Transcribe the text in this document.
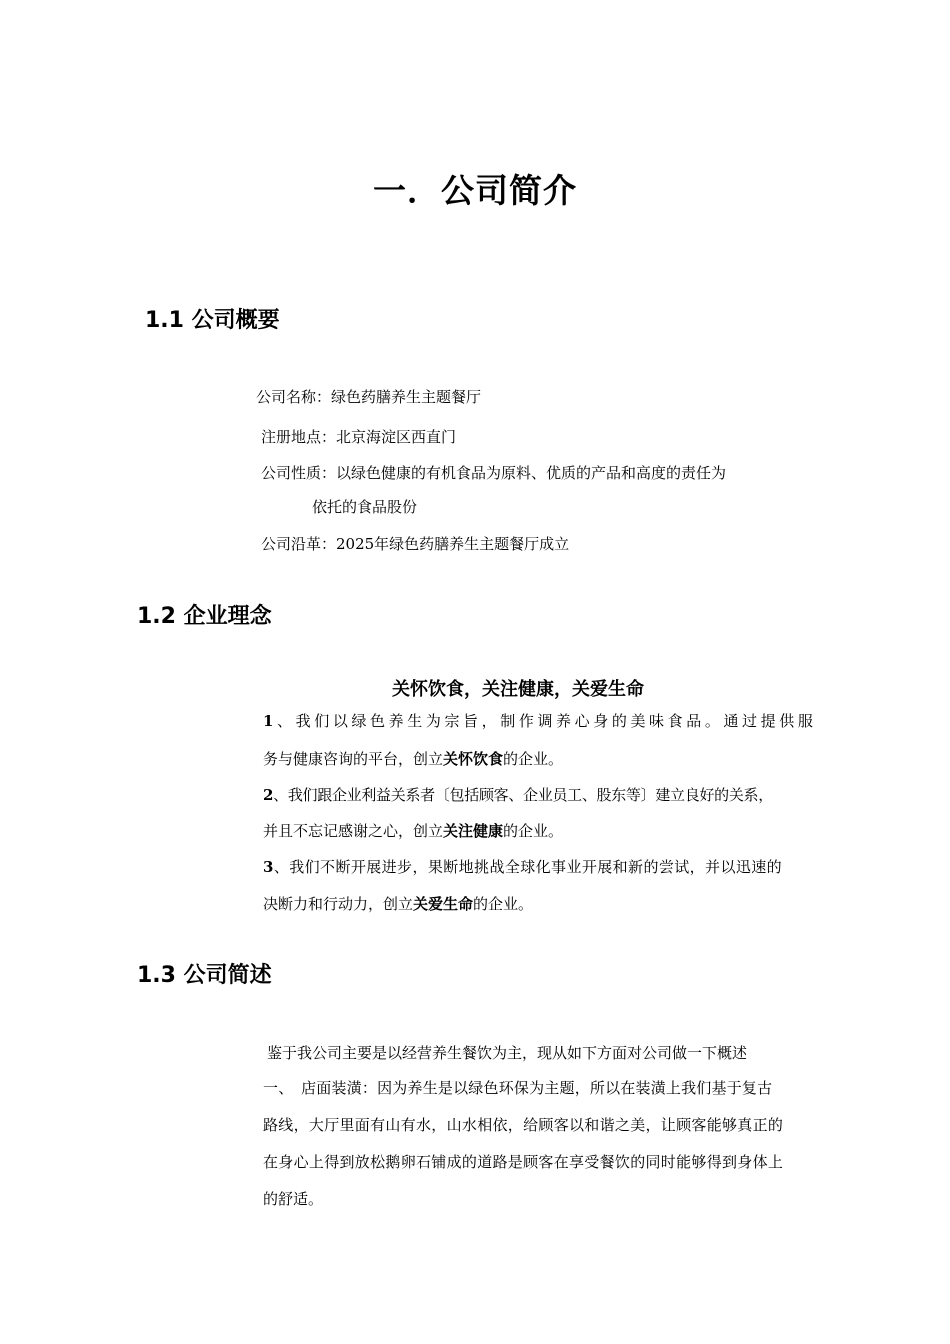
一．公司简介
1.1 公司概要
公司名称：绿色药膳养生主题餐厅
注册地点：北京海淀区西直门
公司性质：以绿色健康的有机食品为原料、优质的产品和高度的责任为
依托的食品股份
公司沿革：2025年绿色药膳养生主题餐厅成立
1.2 企业理念
关怀饮食，关注健康，关爱生命
1、我们以绿色养生为宗旨，制作调养心身的美味食品。通过提供服
务与健康咨询的平台，创立关怀饮食的企业。
2、我们跟企业利益关系者〔包括顾客、企业员工、股东等〕建立良好的关系，
并且不忘记感谢之心，创立关注健康的企业。
3、我们不断开展进步，果断地挑战全球化事业开展和新的尝试，并以迅速的
决断力和行动力，创立关爱生命的企业。
1.3 公司简述
鉴于我公司主要是以经营养生餐饮为主，现从如下方面对公司做一下概述
一、　店面装潢：因为养生是以绿色环保为主题，所以在装潢上我们基于复古
路线，大厅里面有山有水，山水相依，给顾客以和谐之美，让顾客能够真正的
在身心上得到放松鹅卵石铺成的道路是顾客在享受餐饮的同时能够得到身体上
的舒适。
